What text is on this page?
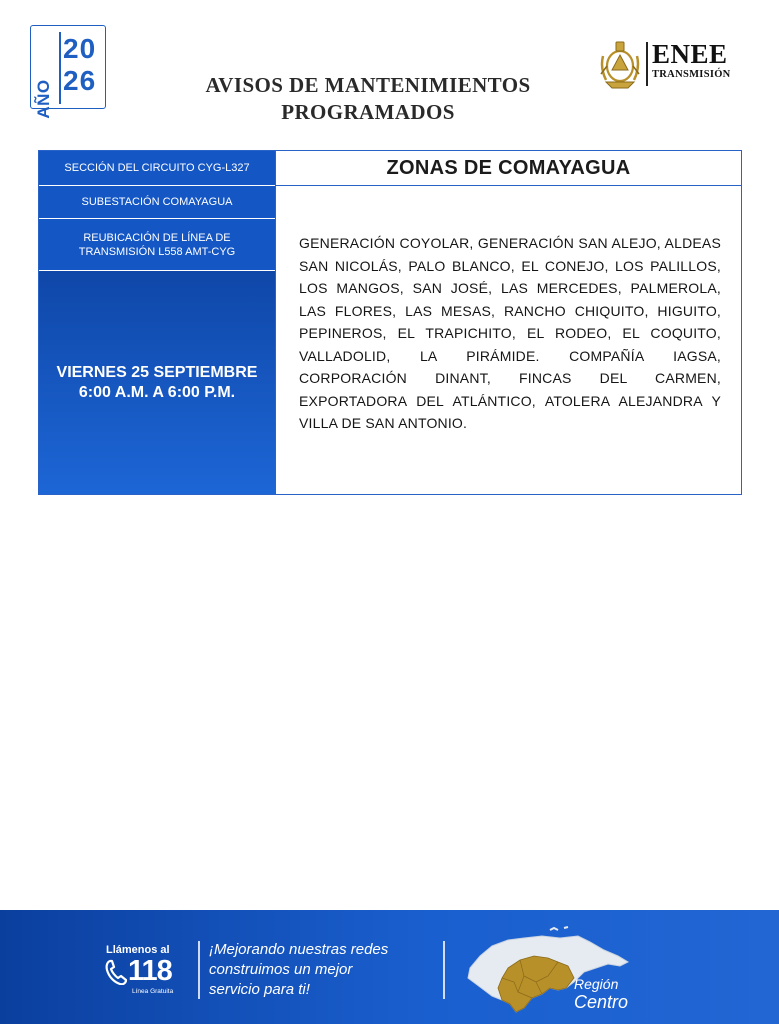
AÑO
20
26	AVISOS DE MANTENIMIENTOS
PROGRAMADOS
ENEE
TRANSMISIÓN
SECCIÓN DEL CIRCUITO CYG-L327
SUBESTACIÓN COMAYAGUA
REUBICACIÓN DE LÍNEA DE
TRANSMISIÓN L558 AMT-CYG
VIERNES 25 SEPTIEMBRE
6:00 A.M. A 6:00 P.M.
ZONAS DE COMAYAGUA
GENERACIÓN COYOLAR, GENERACIÓN SAN ALEJO, ALDEAS SAN NICOLÁS, PALO BLANCO, EL CONEJO, LOS PALILLOS, LOS MANGOS, SAN JOSÉ, LAS MERCEDES, PALMEROLA, LAS FLORES, LAS MESAS, RANCHO CHIQUITO, HIGUITO, PEPINEROS, EL TRAPICHITO, EL RODEO, EL COQUITO, VALLADOLID, LA PIRÁMIDE. COMPAÑÍA IAGSA, CORPORACIÓN DINANT, FINCAS DEL CARMEN, EXPORTADORA DEL ATLÁNTICO, ATOLERA ALEJANDRA Y VILLA DE SAN ANTONIO.
Llámenos al
118
Línea Gratuita
¡Mejorando nuestras redes
construimos un mejor
servicio para ti!	Región
Centro
